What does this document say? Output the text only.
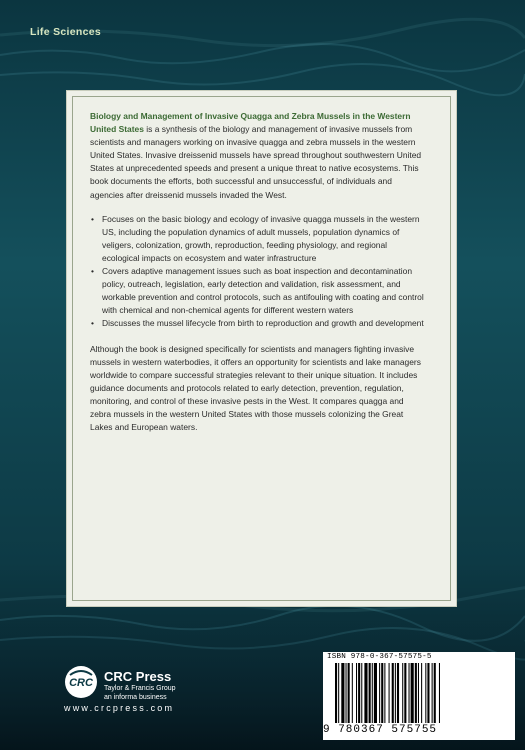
Life Sciences

Biology and Management of Invasive Quagga and Zebra Mussels in the Western United States is a synthesis of the biology and management of invasive mussels from scientists and managers working on invasive quagga and zebra mussels in the western United States. Invasive dreissenid mussels have spread throughout southwestern United States at unprecedented speeds and present a unique threat to native ecosystems. This book documents the efforts, both successful and unsuccessful, of individuals and agencies after dreissenid mussels invaded the West.

• Focuses on the basic biology and ecology of invasive quagga mussels in the western US, including the population dynamics of adult mussels, population dynamics of veligers, colonization, growth, reproduction, feeding physiology, and regional ecological impacts on ecosystem and water infrastructure
• Covers adaptive management issues such as boat inspection and decontamination policy, outreach, legislation, early detection and validation, risk assessment, and workable prevention and control protocols, such as antifouling with coating and control with chemical and non-chemical agents for different western waters
• Discusses the mussel lifecycle from birth to reproduction and growth and development

Although the book is designed specifically for scientists and managers fighting invasive mussels in western waterbodies, it offers an opportunity for scientists and lake managers worldwide to compare successful strategies relevant to their unique situation. It includes guidance documents and protocols related to early detection, prevention, regulation, monitoring, and control of these invasive pests in the West. It compares quagga and zebra mussels in the western United States with those mussels colonizing the Great Lakes and European waters.

CRC CRC Press
Taylor & Francis Group
an informa business
www.crcpress.com
ISBN 978-0-367-57575-5
9 780367 575755
